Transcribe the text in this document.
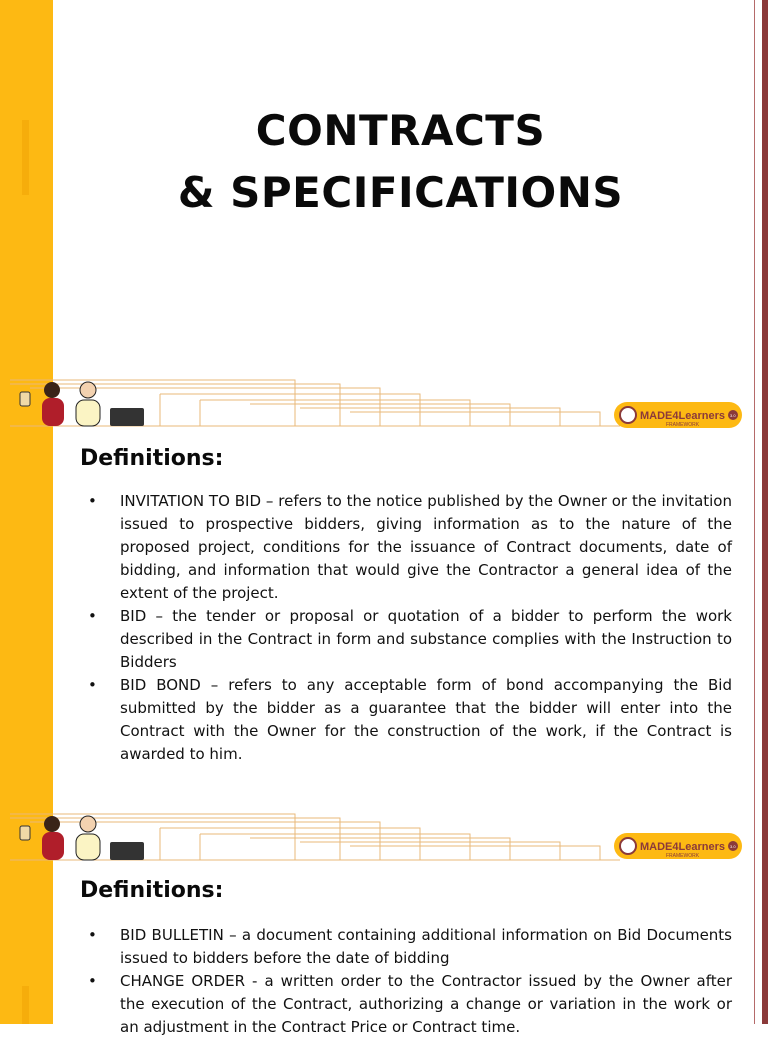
CONTRACTS
& SPECIFICATIONS
MADE4Learners
FRAMEWORK
3.0
Definitions:
• INVITATION TO BID – refers to the notice published by the Owner or the invitation issued to prospective bidders, giving information as to the nature of the proposed project, conditions for the issuance of Contract documents, date of bidding, and information that would give the Contractor a general idea of the extent of the project.
• BID – the tender or proposal or quotation of a bidder to perform the work described in the Contract in form and substance complies with the Instruction to Bidders
• BID BOND – refers to any acceptable form of bond accompanying the Bid submitted by the bidder as a guarantee that the bidder will enter into the Contract with the Owner for the construction of the work, if the Contract is awarded to him.
MADE4Learners
FRAMEWORK
3.0
Definitions:
• BID BULLETIN – a document containing additional information on Bid Documents issued to bidders before the date of bidding
• CHANGE ORDER - a written order to the Contractor issued by the Owner after the execution of the Contract, authorizing a change or variation in the work or an adjustment in the Contract Price or Contract time.
